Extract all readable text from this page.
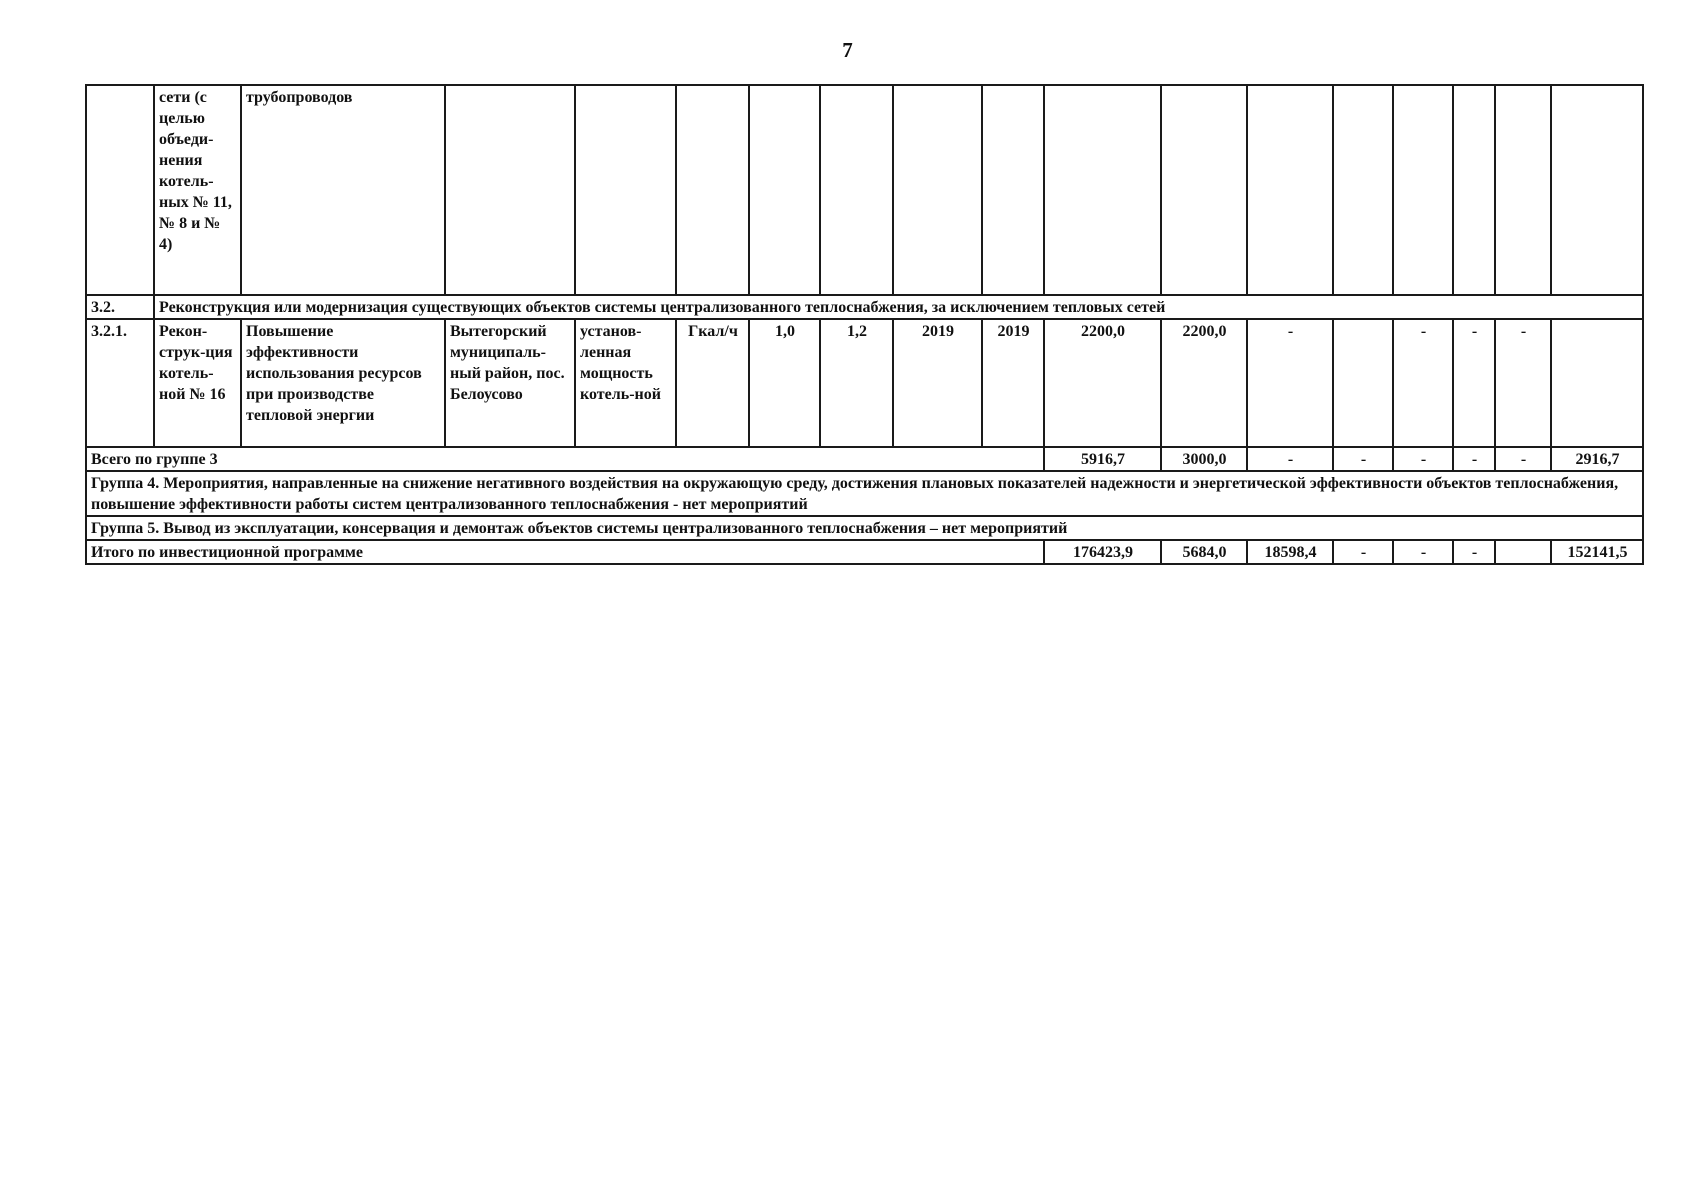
7
	сети (с целью объеди-нения котель-ных № 11, № 8 и № 4)	трубопроводов															
3.2.	Реконструкция или модернизация существующих объектов системы централизованного теплоснабжения, за исключением тепловых сетей																
3.2.1.	Рекон-струк-ция котель-ной № 16	Повышение эффективности использования ресурсов при производстве тепловой энергии	Вытегорский муниципаль-ный район, пос. Белоусово	установ-ленная мощность котель-ной	Гкал/ч	1,0	1,2	2019	2019	2200,0	2200,0	-		-	-	-	
Всего по группе 3										5916,7	3000,0	-	-	-	-	-	2916,7
Группа 4. Мероприятия, направленные на снижение негативного воздействия на окружающую среду, достижения плановых показателей надежности и энергетической эффективности объектов теплоснабжения, повышение эффективности работы систем централизованного теплоснабжения - нет мероприятий																	
Группа 5. Вывод из эксплуатации, консервация и демонтаж объектов системы централизованного теплоснабжения – нет мероприятий																	
Итого по инвестиционной программе										176423,9	5684,0	18598,4	-	-	-		152141,5
